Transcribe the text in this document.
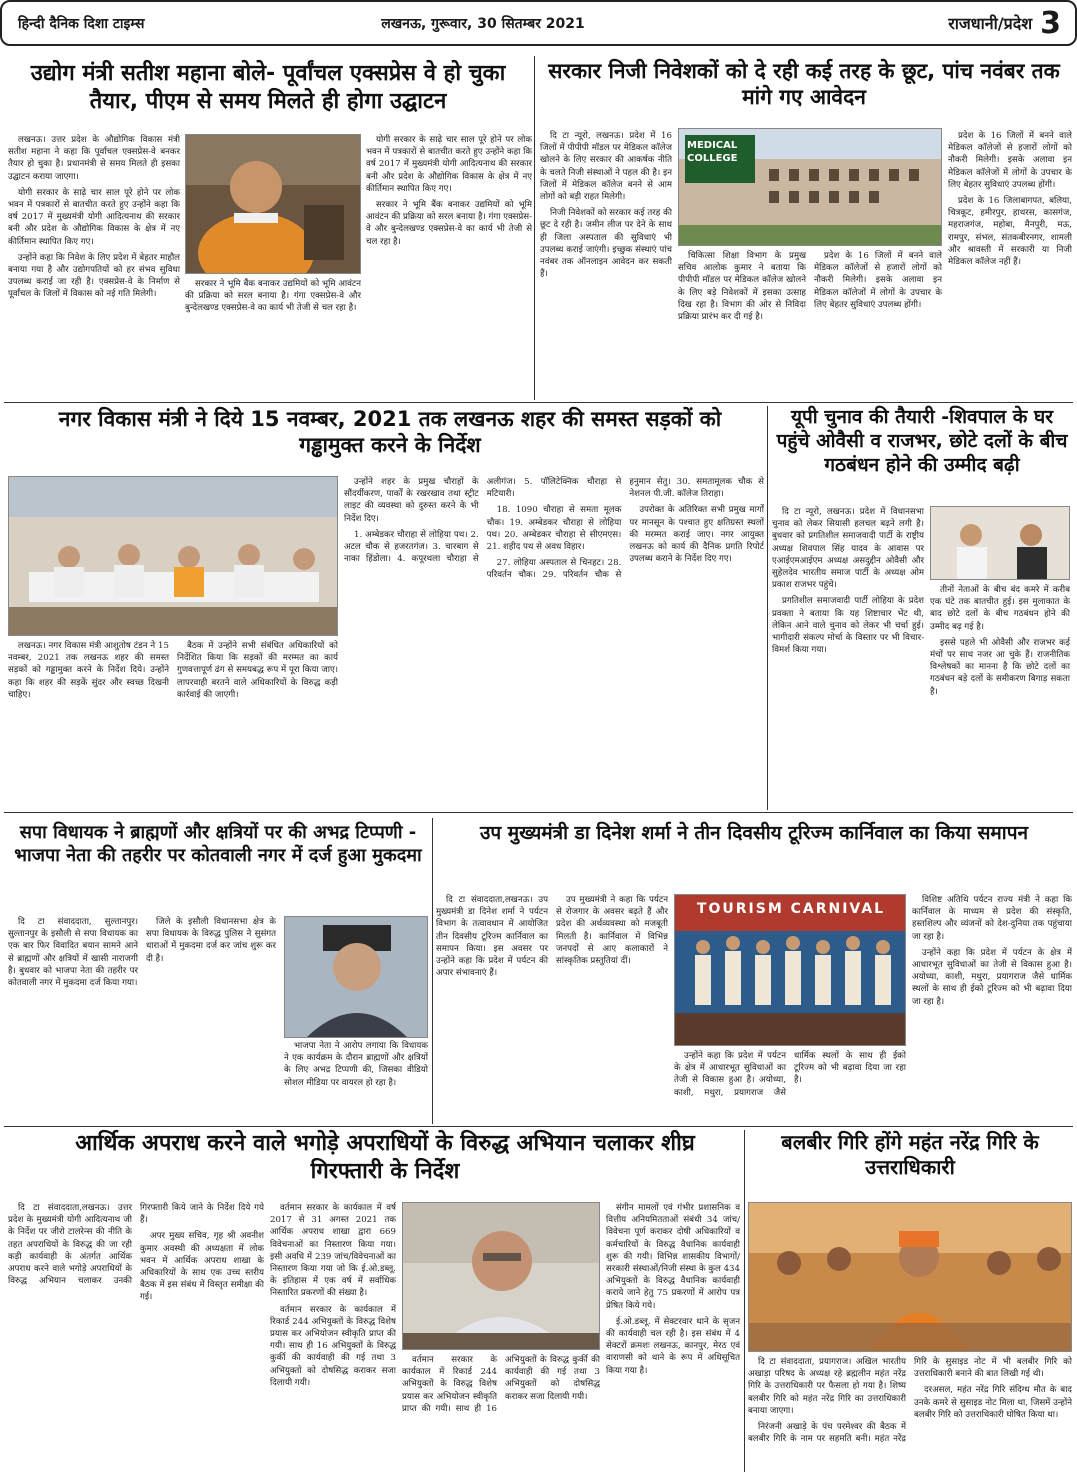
हिन्दी दैनिक दिशा टाइम्स	लखनऊ, गुरूवार, 30 सितम्बर 2021	राजधानी/प्रदेश 3
उद्योग मंत्री सतीश महाना बोले- पूर्वांचल एक्सप्रेस वे हो चुका तैयार, पीएम से समय मिलते ही होगा उद्घाटन

लखनऊ। उत्तर प्रदेश के औद्योगिक विकास मंत्री सतीश महाना ने कहा कि पूर्वांचल एक्सप्रेस-वे बनकर तैयार हो चुका है। प्रधानमंत्री से समय मिलते ही इसका उद्घाटन कराया जाएगा।

योगी सरकार के साढ़े चार साल पूरे होने पर लोक भवन में पत्रकारों से बातचीत करते हुए उन्होंने कहा कि वर्ष 2017 में मुख्यमंत्री योगी आदित्यनाथ की सरकार बनी और प्रदेश के औद्योगिक विकास के क्षेत्र में नए कीर्तिमान स्थापित किए गए।

उन्होंने कहा कि निवेश के लिए प्रदेश में बेहतर माहौल बनाया गया है और उद्योगपतियों को हर संभव सुविधा उपलब्ध कराई जा रही है। एक्सप्रेस-वे के निर्माण से पूर्वांचल के जिलों में विकास को नई गति मिलेगी।

सरकार ने भूमि बैंक बनाकर उद्यमियों को भूमि आवंटन की प्रक्रिया को सरल बनाया है। गंगा एक्सप्रेस-वे और बुन्देलखण्ड एक्सप्रेस-वे का कार्य भी तेजी से चल रहा है।

योगी सरकार के साढ़े चार साल पूरे होने पर लोक भवन में पत्रकारों से बातचीत करते हुए उन्होंने कहा कि वर्ष 2017 में मुख्यमंत्री योगी आदित्यनाथ की सरकार बनी और प्रदेश के औद्योगिक विकास के क्षेत्र में नए कीर्तिमान स्थापित किए गए।

सरकार ने भूमि बैंक बनाकर उद्यमियों को भूमि आवंटन की प्रक्रिया को सरल बनाया है। गंगा एक्सप्रेस-वे और बुन्देलखण्ड एक्सप्रेस-वे का कार्य भी तेजी से चल रहा है।

सरकार निजी निवेशकों को दे रही कई तरह के छूट, पांच नवंबर तक मांगे गए आवेदन

दि टा न्यूरो, लखनऊ। प्रदेश में 16 जिलों में पीपीपी मॉडल पर मेडिकल कॉलेज खोलने के लिए सरकार की आकर्षक नीति के चलते निजी संस्थाओं ने पहल की है। इन जिलों में मेडिकल कॉलेज बनने से आम लोगों को बड़ी राहत मिलेगी।

निजी निवेशकों को सरकार कई तरह की छूट दे रही है। जमीन लीज पर देने के साथ ही जिला अस्पताल की सुविधाएं भी उपलब्ध कराई जाएंगी। इच्छुक संस्थाएं पांच नवंबर तक ऑनलाइन आवेदन कर सकती हैं।

MEDICAL COLLEGE

चिकित्सा शिक्षा विभाग के प्रमुख सचिव आलोक कुमार ने बताया कि पीपीपी मॉडल पर मेडिकल कॉलेज खोलने के लिए बड़े निवेशकों में इसका उत्साह दिख रहा है। विभाग की ओर से निविदा प्रक्रिया प्रारंभ कर दी गई है।

प्रदेश के 16 जिलों में बनने वाले मेडिकल कॉलेजों से हजारों लोगों को नौकरी मिलेगी। इसके अलावा इन मेडिकल कॉलेजों में लोगों के उपचार के लिए बेहतर सुविधाएं उपलब्ध होंगी।

प्रदेश के 16 जिलों में बनने वाले मेडिकल कॉलेजों से हजारों लोगों को नौकरी मिलेगी। इसके अलावा इन मेडिकल कॉलेजों में लोगों के उपचार के लिए बेहतर सुविधाएं उपलब्ध होंगी।

प्रदेश के 16 जिलाबागपत, बलिया, चित्रकूट, हमीरपुर, हाथरस, कासगंज, महराजगंज, महोबा, मैनपुरी, मऊ, रामपुर, संभल, संतकबीरनगर, शामली और श्रावस्ती में सरकारी या निजी मेडिकल कॉलेज नहीं हैं।

नगर विकास मंत्री ने दिये 15 नवम्बर, 2021 तक लखनऊ शहर की समस्त सड़कों को गड्ढामुक्त करने के निर्देश

लखनऊ। नगर विकास मंत्री आशुतोष टंडन ने 15 नवम्बर, 2021 तक लखनऊ शहर की समस्त सड़कों को गड्ढामुक्त करने के निर्देश दिये। उन्होंने कहा कि शहर की सड़कें सुंदर और स्वच्छ दिखनी चाहिए।

बैठक में उन्होंने सभी संबंधित अधिकारियों को निर्देशित किया कि सड़कों की मरम्मत का कार्य गुणवत्तापूर्ण ढंग से समयबद्ध रूप में पूरा किया जाए। लापरवाही बरतने वाले अधिकारियों के विरुद्ध कड़ी कार्रवाई की जाएगी।

उन्होंने शहर के प्रमुख चौराहों के सौंदर्यीकरण, पार्कों के रखरखाव तथा स्ट्रीट लाइट की व्यवस्था को दुरुस्त करने के भी निर्देश दिए।

1. अम्बेडकर चौराहा से लोहिया पथ। 2. अटल चौक से हजरतगंज। 3. चारबाग से नाका हिंडोला। 4. कपूरथला चौराहा से अलीगंज। 5. पॉलिटेक्निक चौराहा से मटियारी।

18. 1090 चौराहा से समता मूलक चौक। 19. अम्बेडकर चौराहा से लोहिया पथ। 20. अम्बेडकर चौराहा से सीएमएस। 21. शहीद पथ से अवध विहार।

27. लोहिया अस्पताल से चिनहट। 28. परिवर्तन चौक। 29. परिवर्तन चौक से हनुमान सेतु। 30. समतामूलक चौक से नेशनल पी.जी. कॉलेज तिराहा।

उपरोक्त के अतिरिक्त सभी प्रमुख मार्गों पर मानसून के पश्चात हुए क्षतिग्रस्त स्थलों की मरम्मत कराई जाए। नगर आयुक्त लखनऊ को कार्य की दैनिक प्रगति रिपोर्ट उपलब्ध कराने के निर्देश दिए गए।

यूपी चुनाव की तैयारी -शिवपाल के घर पहुंचे ओवैसी व राजभर, छोटे दलों के बीच गठबंधन होने की उम्मीद बढ़ी

दि टा न्यूरो, लखनऊ। प्रदेश में विधानसभा चुनाव को लेकर सियासी हलचल बढ़ने लगी है। बुधवार को प्रगतिशील समाजवादी पार्टी के राष्ट्रीय अध्यक्ष शिवपाल सिंह यादव के आवास पर एआईएमआईएम अध्यक्ष असदुद्दीन ओवैसी और सुहेलदेव भारतीय समाज पार्टी के अध्यक्ष ओम प्रकाश राजभर पहुंचे।

प्रगतिशील समाजवादी पार्टी लोहिया के प्रदेश प्रवक्ता ने बताया कि यह शिष्टाचार भेंट थी, लेकिन आने वाले चुनाव को लेकर भी चर्चा हुई। भागीदारी संकल्प मोर्चा के विस्तार पर भी विचार-विमर्श किया गया।

तीनों नेताओं के बीच बंद कमरे में करीब एक घंटे तक बातचीत हुई। इस मुलाकात के बाद छोटे दलों के बीच गठबंधन होने की उम्मीद बढ़ गई है।

इससे पहले भी ओवैसी और राजभर कई मंचों पर साथ नजर आ चुके हैं। राजनीतिक विश्लेषकों का मानना है कि छोटे दलों का गठबंधन बड़े दलों के समीकरण बिगाड़ सकता है।

सपा विधायक ने ब्राह्मणों और क्षत्रियों पर की अभद्र टिप्पणी - भाजपा नेता की तहरीर पर कोतवाली नगर में दर्ज हुआ मुकदमा

दि टा संवाददाता, सुल्तानपुर। सुल्तानपुर के इसौली से सपा विधायक का एक बार फिर विवादित बयान सामने आने से ब्राह्मणों और क्षत्रियों में खासी नाराजगी है। बुधवार को भाजपा नेता की तहरीर पर कोतवाली नगर में मुकदमा दर्ज किया गया।

जिले के इसौली विधानसभा क्षेत्र के सपा विधायक के विरुद्ध पुलिस ने सुसंगत धाराओं में मुकदमा दर्ज कर जांच शुरू कर दी है।

भाजपा नेता ने आरोप लगाया कि विधायक ने एक कार्यक्रम के दौरान ब्राह्मणों और क्षत्रियों के लिए अभद्र टिप्पणी की, जिसका वीडियो सोशल मीडिया पर वायरल हो रहा है।

उप मुख्यमंत्री डा दिनेश शर्मा ने तीन दिवसीय टूरिज्म कार्निवाल का किया समापन

दि टा संवाददाता,लखनऊ। उप मुख्यमंत्री डा दिनेश शर्मा ने पर्यटन विभाग के तत्वावधान में आयोजित तीन दिवसीय टूरिज्म कार्निवाल का समापन किया। इस अवसर पर उन्होंने कहा कि प्रदेश में पर्यटन की अपार संभावनाएं हैं।

उप मुख्यमंत्री ने कहा कि पर्यटन से रोजगार के अवसर बढ़ते हैं और प्रदेश की अर्थव्यवस्था को मजबूती मिलती है। कार्निवाल में विभिन्न जनपदों से आए कलाकारों ने सांस्कृतिक प्रस्तुतियां दीं।

TOURISM CARNIVAL

उन्होंने कहा कि प्रदेश में पर्यटन के क्षेत्र में आधारभूत सुविधाओं का तेजी से विकास हुआ है। अयोध्या, काशी, मथुरा, प्रयागराज जैसे धार्मिक स्थलों के साथ ही ईको टूरिज्म को भी बढ़ावा दिया जा रहा है।

विशिष्ट अतिथि पर्यटन राज्य मंत्री ने कहा कि कार्निवाल के माध्यम से प्रदेश की संस्कृति, हस्तशिल्प और व्यंजनों को देश-दुनिया तक पहुंचाया जा रहा है।

उन्होंने कहा कि प्रदेश में पर्यटन के क्षेत्र में आधारभूत सुविधाओं का तेजी से विकास हुआ है। अयोध्या, काशी, मथुरा, प्रयागराज जैसे धार्मिक स्थलों के साथ ही ईको टूरिज्म को भी बढ़ावा दिया जा रहा है।

आर्थिक अपराध करने वाले भगोड़े अपराधियों के विरुद्ध अभियान चलाकर शीघ्र गिरफ्तारी के निर्देश

दि टा संवाददाता,लखनऊ। उत्तर प्रदेश के मुख्यमंत्री योगी आदित्यनाथ जी के निर्देश पर जीरो टालरेन्स की नीति के तहत अपराधियों के विरुद्ध की जा रही कड़ी कार्यवाही के अंतर्गत आर्थिक अपराध करने वाले भगोड़े अपराधियों के विरुद्ध अभियान चलाकर उनकी गिरफ्तारी किये जाने के निर्देश दिये गये हैं।

अपर मुख्य सचिव, गृह श्री अवनीश कुमार अवस्थी की अध्यक्षता में लोक भवन में आर्थिक अपराध शाखा के अधिकारियों के साथ एक उच्च स्तरीय बैठक में इस संबंध में विस्तृत समीक्षा की गई।

वर्तमान सरकार के कार्यकाल में वर्ष 2017 से 31 अगस्त 2021 तक आर्थिक अपराध शाखा द्वारा 669 विवेचनाओं का निस्तारण किया गया। इसी अवधि में 239 जांच/विवेचनाओं का निस्तारण किया गया जो कि ई.ओ.डब्लू. के इतिहास में एक वर्ष में सर्वाधिक निस्तारित प्रकरणों की संख्या है।

वर्तमान सरकार के कार्यकाल में रिकार्ड 244 अभियुक्तों के विरुद्ध विशेष प्रयास कर अभियोजन स्वीकृति प्राप्त की गयी। साथ ही 16 अभियुक्तों के विरुद्ध कुर्की की कार्यवाही की गई तथा 3 अभियुक्तों को दोषसिद्ध कराकर सजा दिलायी गयी।

वर्तमान सरकार के कार्यकाल में रिकार्ड 244 अभियुक्तों के विरुद्ध विशेष प्रयास कर अभियोजन स्वीकृति प्राप्त की गयी। साथ ही 16 अभियुक्तों के विरुद्ध कुर्की की कार्यवाही की गई तथा 3 अभियुक्तों को दोषसिद्ध कराकर सजा दिलायी गयी।

संगीन मामलों एवं गंभीर प्रशासनिक व वित्तीय अनियमितताओं संबंधी 34 जांच/विवेचना पूर्ण कराकर दोषी अधिकारियों व कर्मचारियों के विरुद्ध वैधानिक कार्यवाही शुरू की गयी। विभिन्न शासकीय विभागों/सरकारी संस्थाओं/निजी संस्था के कुल 434 अभियुक्तों के विरुद्ध वैधानिक कार्यवाही कराये जाने हेतु 75 प्रकरणों में आरोप पत्र प्रेषित किये गये।

ई.ओ.डब्लू. में सेक्टरवार थाने के सृजन की कार्यवाही चल रही है। इस संबंध में 4 सेक्टरों क्रमशः लखनऊ, कानपुर, मेरठ एवं वाराणसी को थाने के रूप में अधिसूचित किया गया है।

बलबीर गिरि होंगे महंत नरेंद्र गिरि के उत्तराधिकारी

दि टा संवाददाता, प्रयागराज। अखिल भारतीय अखाड़ा परिषद के अध्यक्ष रहे ब्रह्मलीन महंत नरेंद्र गिरि के उत्तराधिकारी पर फैसला हो गया है। शिष्य बलबीर गिरि को महंत नरेंद्र गिरि का उत्तराधिकारी बनाया जाएगा।

निरंजनी अखाड़े के पंच परमेश्वर की बैठक में बलबीर गिरि के नाम पर सहमति बनी। महंत नरेंद्र गिरि के सुसाइड नोट में भी बलबीर गिरि को उत्तराधिकारी बनाने की बात लिखी गई थी।

दरअसल, महंत नरेंद्र गिरि संदिग्ध मौत के बाद उनके कमरे से सुसाइड नोट मिला था, जिसमें उन्होंने बलबीर गिरि को उत्तराधिकारी घोषित किया था।
